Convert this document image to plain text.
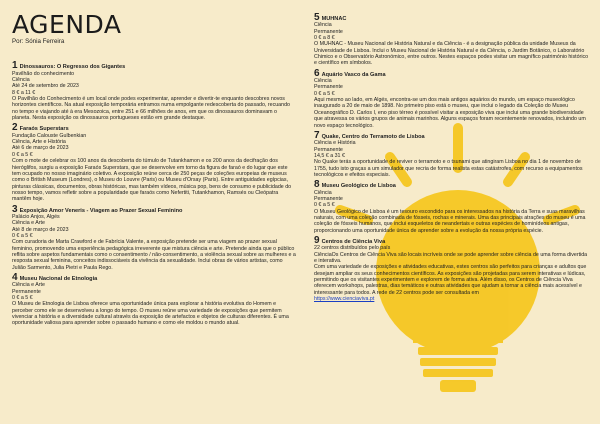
AGENDA
Por: Sónia Ferreira
1 Dinossauros: O Regresso dos Gigantes

Pavilhão do conhecimento

Ciência

Até 24 de setembro de 2023

8 € a 11 €

O Pavilhão do Conhecimento é um local onde podes experimentar, aprender e divertir-te enquanto descobres novos horizontes científicos. Na atual exposição temporária entramos numa empolgante redescoberta do passado, recuando no tempo e viajando até à era Mesozoica, entre 251 e 66 milhões de anos, em que os dinossauros dominavam o planeta. Nesta exposição os dinossauros portugueses estão em grande destaque.

2 Faraós Superstars

Fundação Calouste Gulbenkian

Ciência, Arte e História

Até 6 de março de 2023

0 € a 5 €

Com o mote de celebrar os 100 anos da descoberta do túmulo de Tutankhamon e os 200 anos da decifração dos hieróglifos, surgiu a exposição Faraós Superstars, que se desenvolve em torno da figura de faraó e do lugar que este tem ocupado no nosso imaginário coletivo. A exposição reúne cerca de 250 peças de coleções europeias de museus como o British Museum (Londres), o Museu do Louvre (Paris) ou Museu d'Orsay (Paris). Entre antiguidades egípcias, pinturas clássicas, documentos, obras históricas, mas também vídeos, música pop, bens de consumo e publicidade do nosso tempo, vamos refletir sobre a popularidade que faraós como Nefertiti, Tutankhamon, Ramsés ou Cleópatra mantêm hoje.

3 Exposição Amor Veneris - Viagem ao Prazer Sexual Feminino

Palácio Anjos, Algés

Ciência e Arte

Até 8 de março de 2023

0 € a 5 €

Com curadoria de Marta Crawford e de Fabrícia Valente, a exposição pretende ser uma viagem ao prazer sexual feminino, promovendo uma experiência pedagógica irreverente que mistura ciência e arte. Pretende ainda que o público reflita sobre aspetos fundamentais como o consentimento / não-consentimento, a violência sexual sobre as mulheres e a resposta sexual feminina, conceitos indissociáveis da vivência da sexualidade. Inclui obras de vários artistas, como Julião Sarmento, Julia Pietri e Paula Rego.

4 Museu Nacional de Etnologia

Ciência e Arte

Permanente

0 € a 5 €

O Museu de Etnologia de Lisboa oferece uma oportunidade única para explorar a história evolutiva do Homem e perceber como ele se desenvolveu a longo do tempo. O museu reúne uma variedade de exposições que permitem vivenciar a história e a diversidade cultural através da exposição de artefactos e objetos de culturas diferentes. É uma oportunidade valiosa para aprender sobre o passado humano e como ele moldou o mundo atual.

5 MUHNAC

Ciência

Permanente

0 € a 8 €

O MUHNAC - Museu Nacional de História Natural e da Ciência - é a designação pública da unidade Museus da Universidade de Lisboa. Inclui o Museu Nacional de História Natural e da Ciência, o Jardim Botânico, o Laboratório Chimico e o Observatório Astronómico, entre outros. Nestes espaços podes visitar um magnífico património histórico e científico em símbolos.

6 Aquário Vasco da Gama

Ciência

Permanente

0 € a 5 €

Aqui mesmo ao lado, em Algés, encontra-se um dos mais antigos aquários do mundo, um espaço museológico inaugurado a 20 de maio de 1898. No primeiro piso está o museu, que inclui o legado da Coleção do Museu Oceanográfico D. Carlos I, eno piso térreo é possível visitar a exposição viva que inclui uma grande biodiversidade que atravessa os vários grupos de animais marinhos. Alguns espaços foram recentemente renovados, incluindo um novo espaço tecnológico.

7 Quake, Centro do Terramoto de Lisboa

Ciência e História

Permanente

14,5 € a 31 €

No Quake terás a oportunidade de reviver o terramoto e o tsunami que atingiram Lisboa no dia 1 de novembro de 1755, tudo isto graças a um simulador que recria de forma realista estas catástrofes, com recurso a equipamentos tecnológicos e efeitos especiais.

8 Museu Geológico de Lisboa

Ciência

Permanente

0 € a 5 €

O Museu Geológico de Lisboa é um tesouro escondido para os interessados na história da Terra e suas maravilhas naturais, com uma coleção combinada de fósseis, rochas e minerais. Uma das principais atrações do museu é uma coleção de fósseis humanos, que inclui esqueletos de neandertais e outras espécies de hominídeos antigas, proporcionando uma oportunidade única de aprender sobre a evolução da nossa própria espécie.

9 Centros de Ciência Viva

22 centros distribuídos pelo país

CiênciaOs Centros de Ciência Viva são locais incríveis onde se pode aprender sobre ciência de uma forma divertida e interativa.

Com uma variedade de exposições e atividades educativas, estes centros são perfeitos para crianças e adultos que desejam ampliar os seus conhecimentos científicos. As exposições são projetadas para serem interativas e lúdicas, permitindo que os visitantes experimentem e explorem de forma ativa. Além disso, os Centros de Ciência Viva oferecem workshops, palestras, dias temáticos e outras atividades que ajudam a tornar a ciência mais acessível e interessante para todos. A rede de 22 centros pode ser consultada em

https://www.cienciaviva.pt
